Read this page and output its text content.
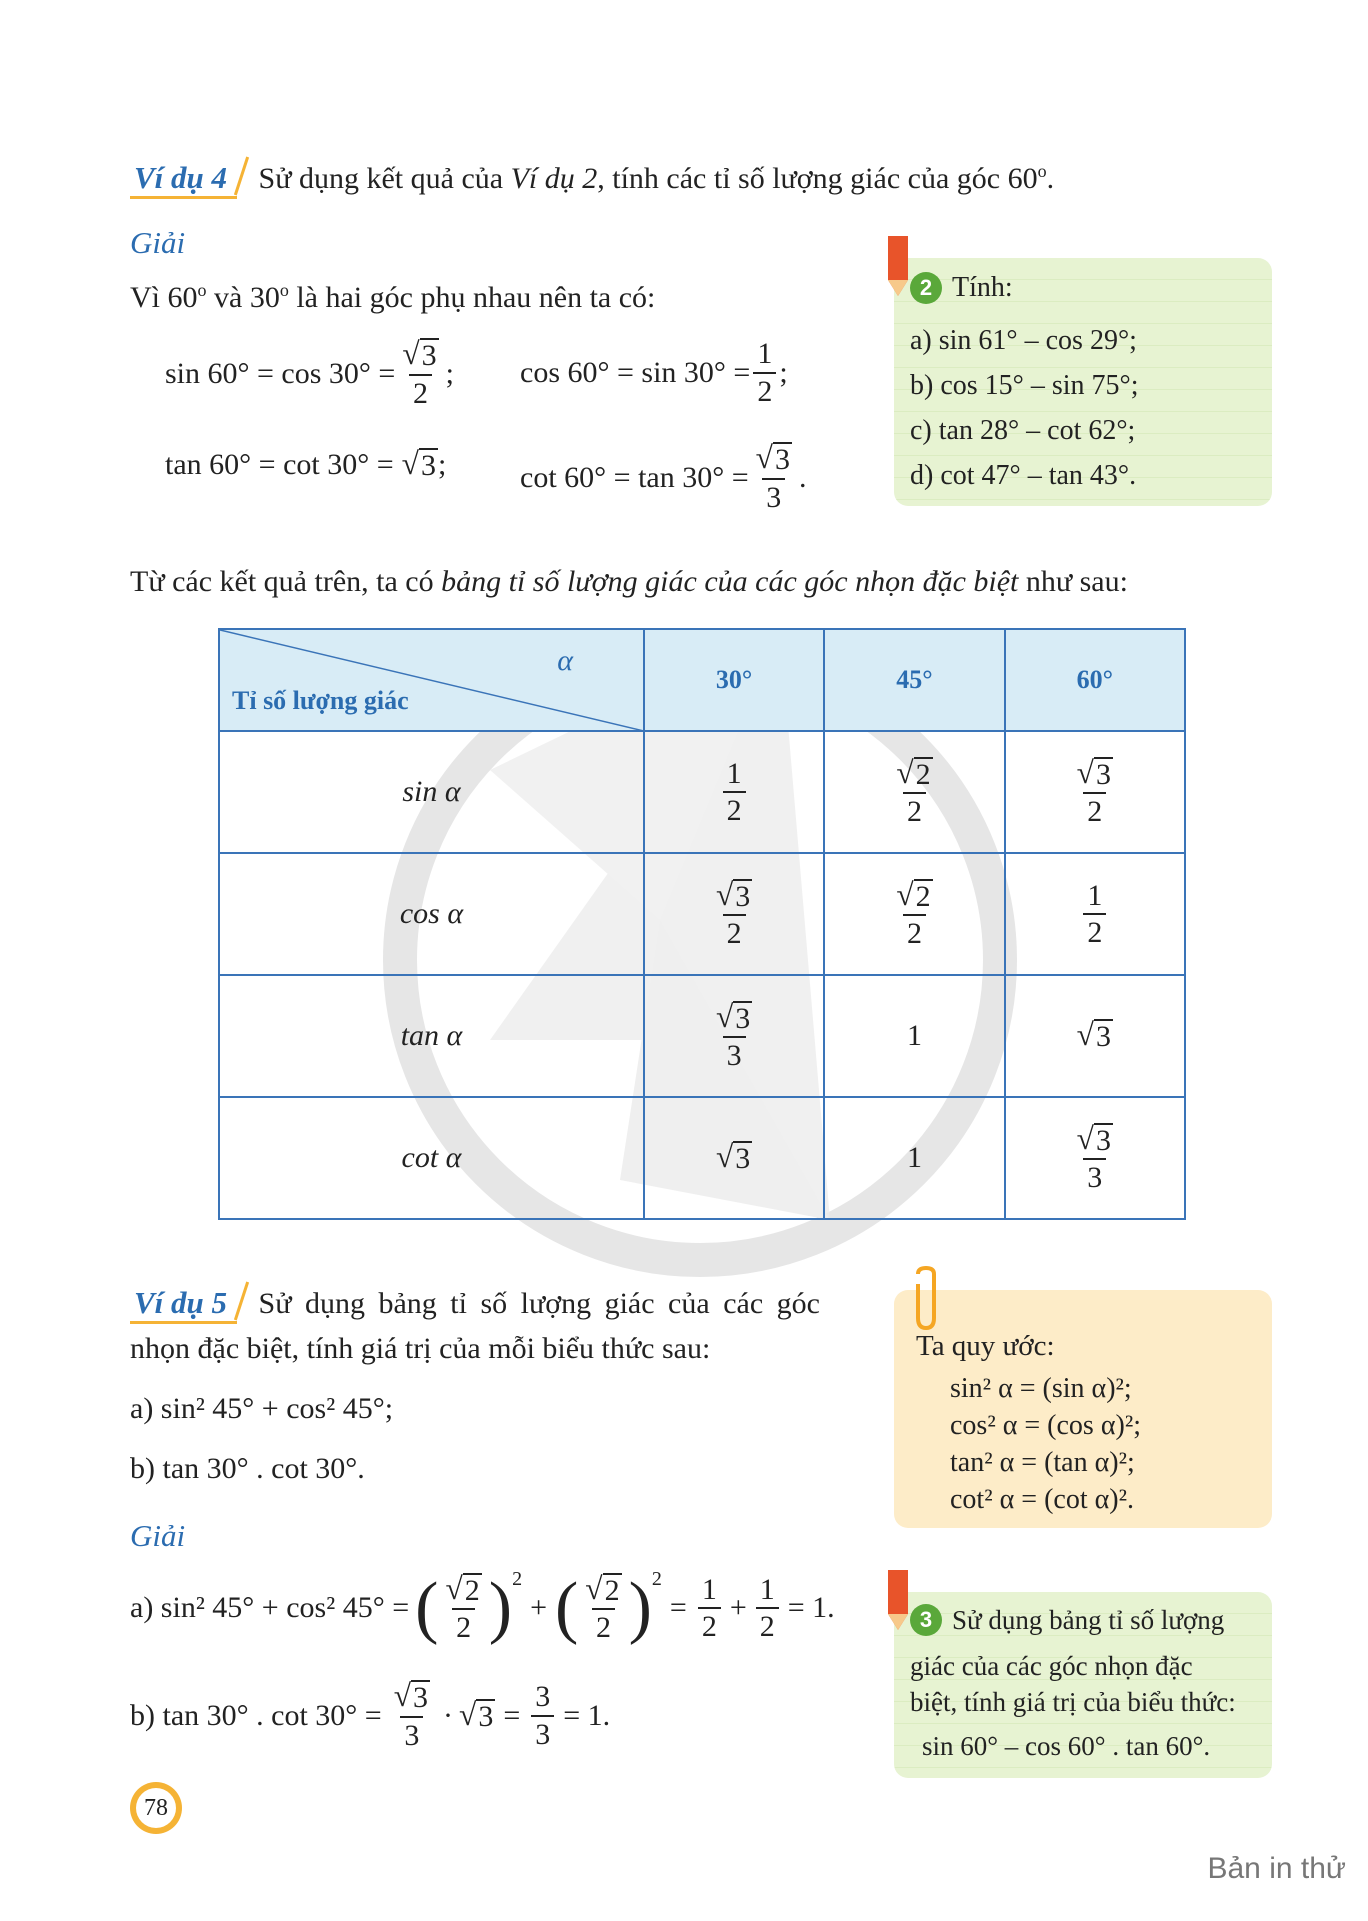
Ví dụ 4 Sử dụng kết quả của Ví dụ 2, tính các tỉ số lượng giác của góc 60$^o$.
Giải
Vì 60$^o$ và 30$^o$ là hai góc phụ nhau nên ta có:
$\sin 60^\circ = \cos 30^\circ = \frac{√ 3}{2}$ ; $\cos 60^\circ = \sin 30^\circ = \frac{1}{2}$ ;
tan 60° = cot 30° = √ 3 ; $\cot 60^\circ = \tan 30^\circ = \frac{√ 3}{3}$ .
2 Tính:
a) sin 61° – cos 29°;
b) cos 15° – sin 75°;
c) tan 28° – cot 62°;
d) cot 47° – tan 43°.
Từ các kết quả trên, ta có bảng tỉ số lượng giác của các góc nhọn đặc biệt như sau:
α
Tỉ số lượng giác	30°	45°	60°
sin α	$\frac{1}{2}$	$\frac{√ 2}{2}$	$\frac{√ 3}{2}$

cos α	$\frac{√ 3}{2}$	$\frac{√ 2}{2}$	$\frac{1}{2}$

tan α	$\frac{√ 3}{3}$	1	√ 3

cot α	√ 3	1	$\frac{√ 3}{3}$
Ví dụ 5 Sử dụng bảng tỉ số lượng giác của các góc
nhọn đặc biệt, tính giá trị của mỗi biểu thức sau:
a) sin² 45° + cos² 45°;
b) tan 30° . cot 30°.
Giải
a) sin² 45° + cos² 45° = ( $\frac{√ 2}{2} )^2$
+ ( $\frac{√ 2}{2} )^2$
= $\frac{1}{2} + \frac{1}{2} = 1$.
b) tan 30° . $\cot 30^\circ = \frac{√ 3}{3}$ · √ $3 = \frac{3}{3} = 1$.
Ta quy ước:
sin² α = (sin α)²;
cos² α = (cos α)²;
tan² α = (tan α)²;
cot² α = (cot α)².
3 Sử dụng bảng tỉ số lượng
giác của các góc nhọn đặc
biệt, tính giá trị của biểu thức:
sin 60° – cos 60° . tan 60°.
78
Bản in thử
